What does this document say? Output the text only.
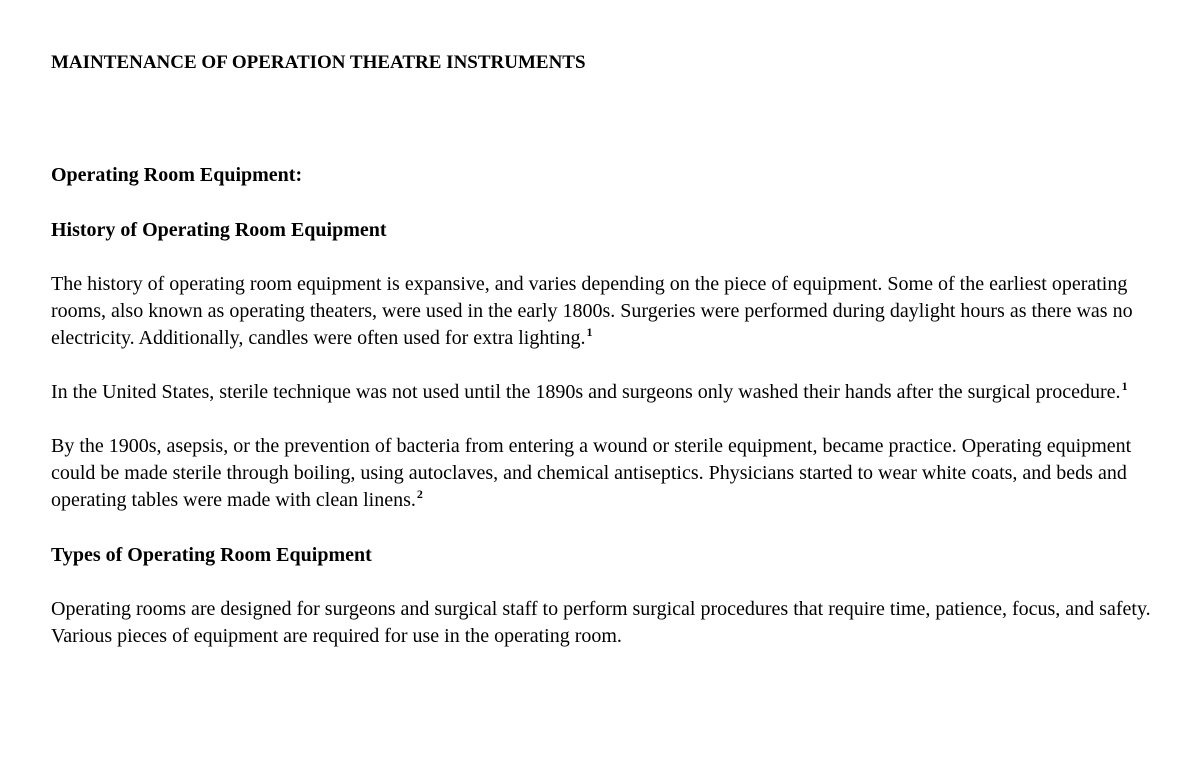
MAINTENANCE OF OPERATION THEATRE INSTRUMENTS
Operating Room Equipment:
History of Operating Room Equipment

The history of operating room equipment is expansive, and varies depending on the piece of equipment. Some of the earliest operating rooms, also known as operating theaters, were used in the early 1800s. Surgeries were performed during daylight hours as there was no electricity. Additionally, candles were often used for extra lighting.$^1$

In the United States, sterile technique was not used until the 1890s and surgeons only washed their hands after the surgical procedure.$^1$

By the 1900s, asepsis, or the prevention of bacteria from entering a wound or sterile equipment, became practice. Operating equipment could be made sterile through boiling, using autoclaves, and chemical antiseptics. Physicians started to wear white coats, and beds and operating tables were made with clean linens.$^2$

Types of Operating Room Equipment

Operating rooms are designed for surgeons and surgical staff to perform surgical procedures that require time, patience, focus, and safety. Various pieces of equipment are required for use in the operating room.
